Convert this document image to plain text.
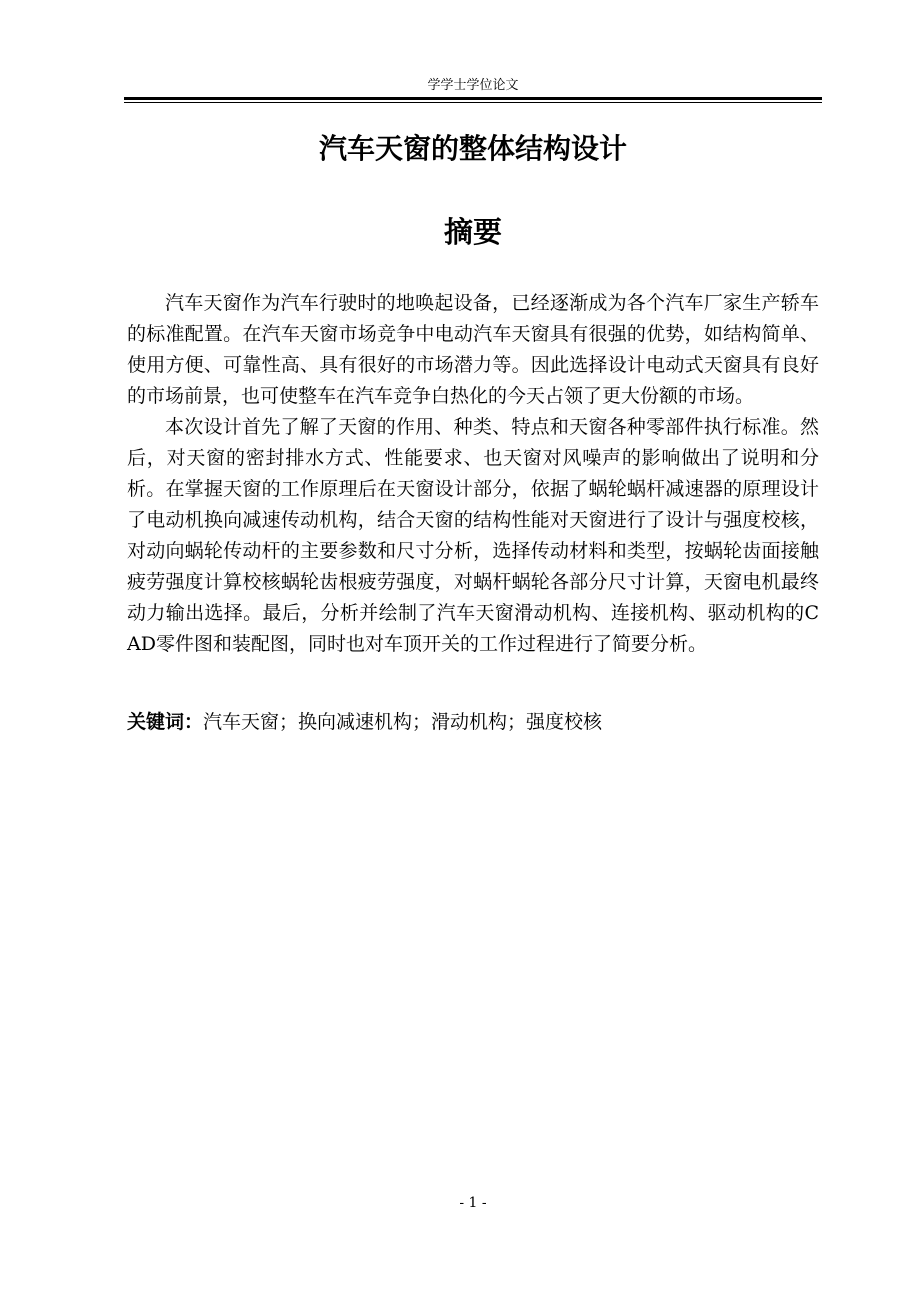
学学士学位论文
汽车天窗的整体结构设计
摘要

汽车天窗作为汽车行驶时的地唤起设备，已经逐渐成为各个汽车厂家生产轿车的标准配置。在汽车天窗市场竞争中电动汽车天窗具有很强的优势，如结构简单、使用方便、可靠性高、具有很好的市场潜力等。因此选择设计电动式天窗具有良好的市场前景，也可使整车在汽车竞争白热化的今天占领了更大份额的市场。

本次设计首先了解了天窗的作用、种类、特点和天窗各种零部件执行标准。然后，对天窗的密封排水方式、性能要求、也天窗对风噪声的影响做出了说明和分析。在掌握天窗的工作原理后在天窗设计部分，依据了蜗轮蜗杆减速器的原理设计了电动机换向减速传动机构，结合天窗的结构性能对天窗进行了设计与强度校核，对动向蜗轮传动杆的主要参数和尺寸分析，选择传动材料和类型，按蜗轮齿面接触疲劳强度计算校核蜗轮齿根疲劳强度，对蜗杆蜗轮各部分尺寸计算，天窗电机最终动力输出选择。最后，分析并绘制了汽车天窗滑动机构、连接机构、驱动机构的CAD零件图和装配图，同时也对车顶开关的工作过程进行了简要分析。

关键词：汽车天窗；换向减速机构；滑动机构；强度校核

- 1 -
